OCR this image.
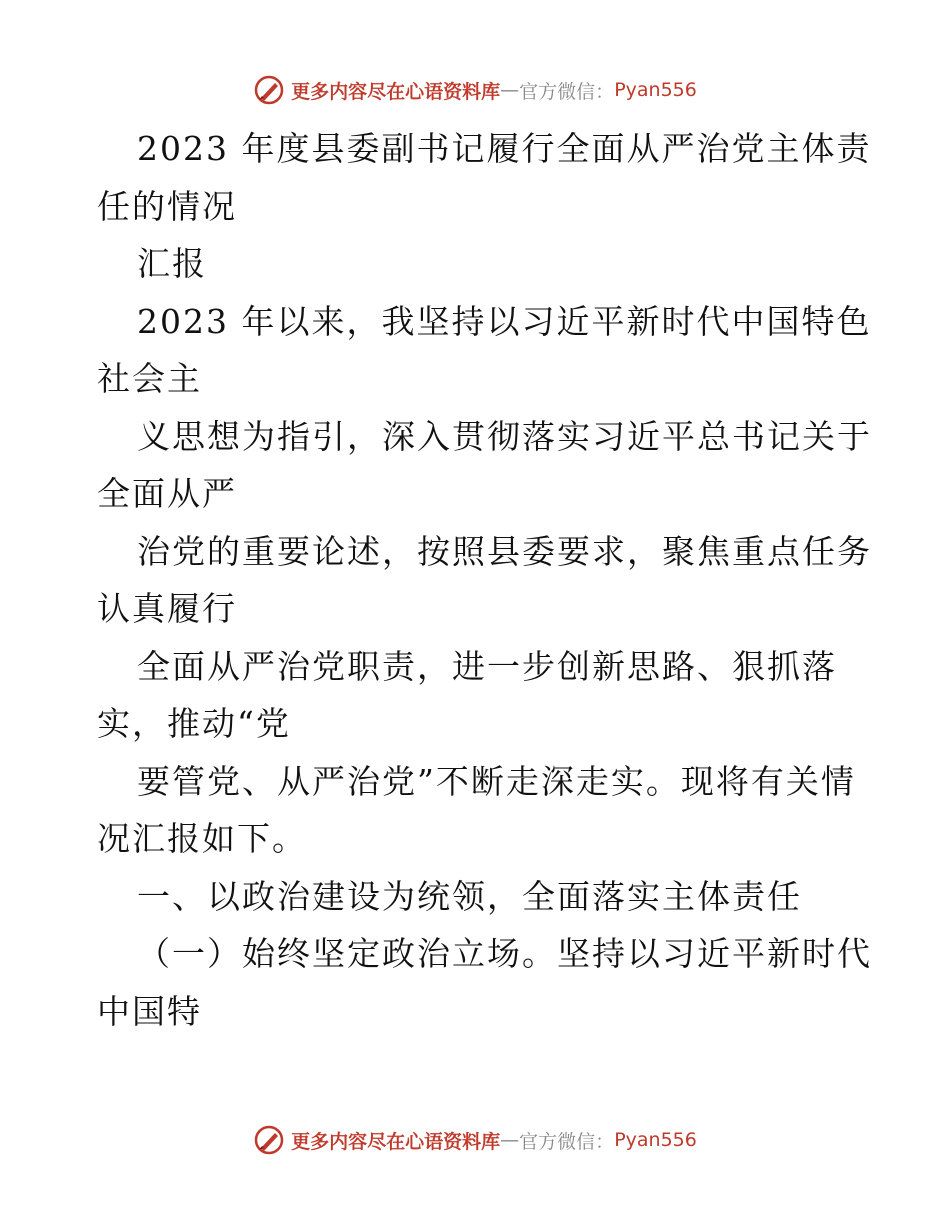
更多内容尽在心语资料库 — 官方微信： Pyan556
2023 年度县委副书记履行全面从严治党主体责
任的情况
汇报
2023 年以来，我坚持以习近平新时代中国特色
社会主
义思想为指引，深入贯彻落实习近平总书记关于
全面从严
治党的重要论述，按照县委要求，聚焦重点任务
认真履行
全面从严治党职责，进一步创新思路、狠抓落
实，推动“党
要管党、从严治党”不断走深走实。现将有关情
况汇报如下。
一、以政治建设为统领，全面落实主体责任
（一）始终坚定政治立场。坚持以习近平新时代
中国特
更多内容尽在心语资料库 — 官方微信： Pyan556
